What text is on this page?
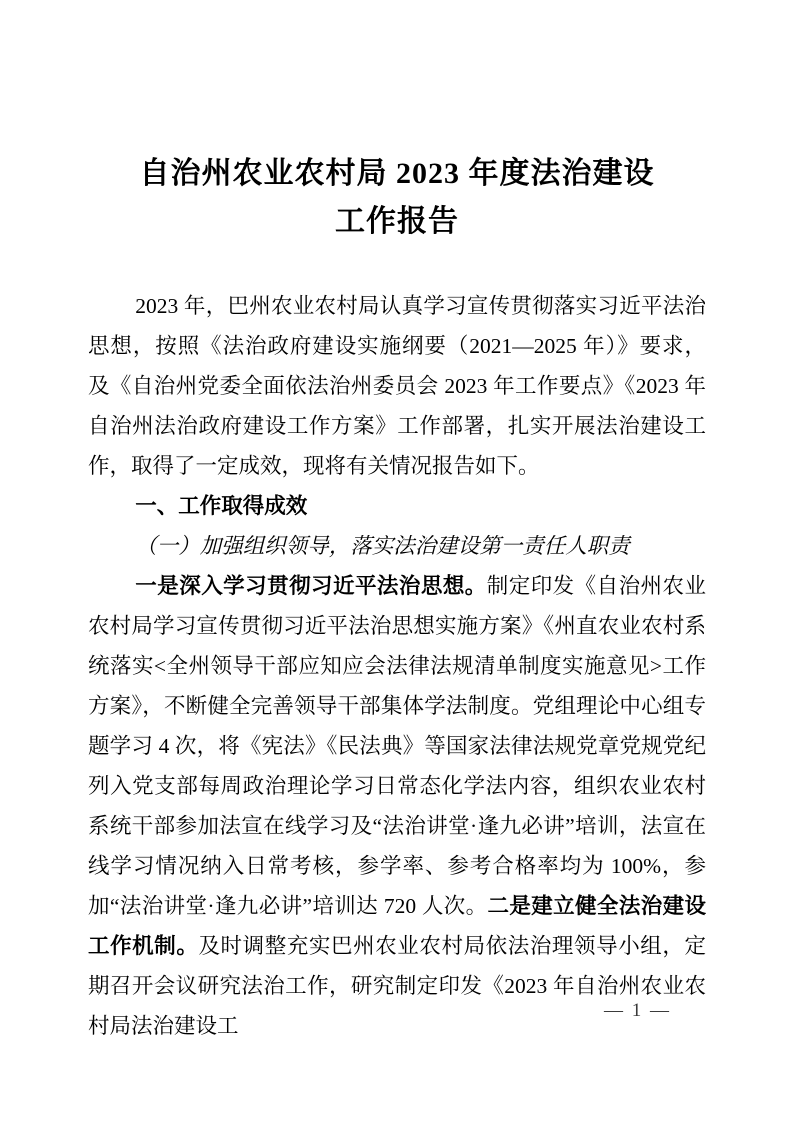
自治州农业农村局 2023 年度法治建设
工作报告

2023 年，巴州农业农村局认真学习宣传贯彻落实习近平法治思想，按照《法治政府建设实施纲要（2021—2025 年）》要求，及《自治州党委全面依法治州委员会 2023 年工作要点》《2023 年自治州法治政府建设工作方案》工作部署，扎实开展法治建设工作，取得了一定成效，现将有关情况报告如下。

一、工作取得成效
（一）加强组织领导，落实法治建设第一责任人职责

一是深入学习贯彻习近平法治思想。制定印发《自治州农业农村局学习宣传贯彻习近平法治思想实施方案》《州直农业农村系统落实<全州领导干部应知应会法律法规清单制度实施意见>工作方案》，不断健全完善领导干部集体学法制度。党组理论中心组专题学习 4 次，将《宪法》《民法典》等国家法律法规党章党规党纪列入党支部每周政治理论学习日常态化学法内容，组织农业农村系统干部参加法宣在线学习及“法治讲堂·逢九必讲”培训，法宣在线学习情况纳入日常考核，参学率、参考合格率均为 100%，参加“法治讲堂·逢九必讲”培训达 720 人次。二是建立健全法治建设工作机制。及时调整充实巴州农业农村局依法治理领导小组，定期召开会议研究法治工作，研究制定印发《2023 年自治州农业农村局法治建设工

— 1 —
